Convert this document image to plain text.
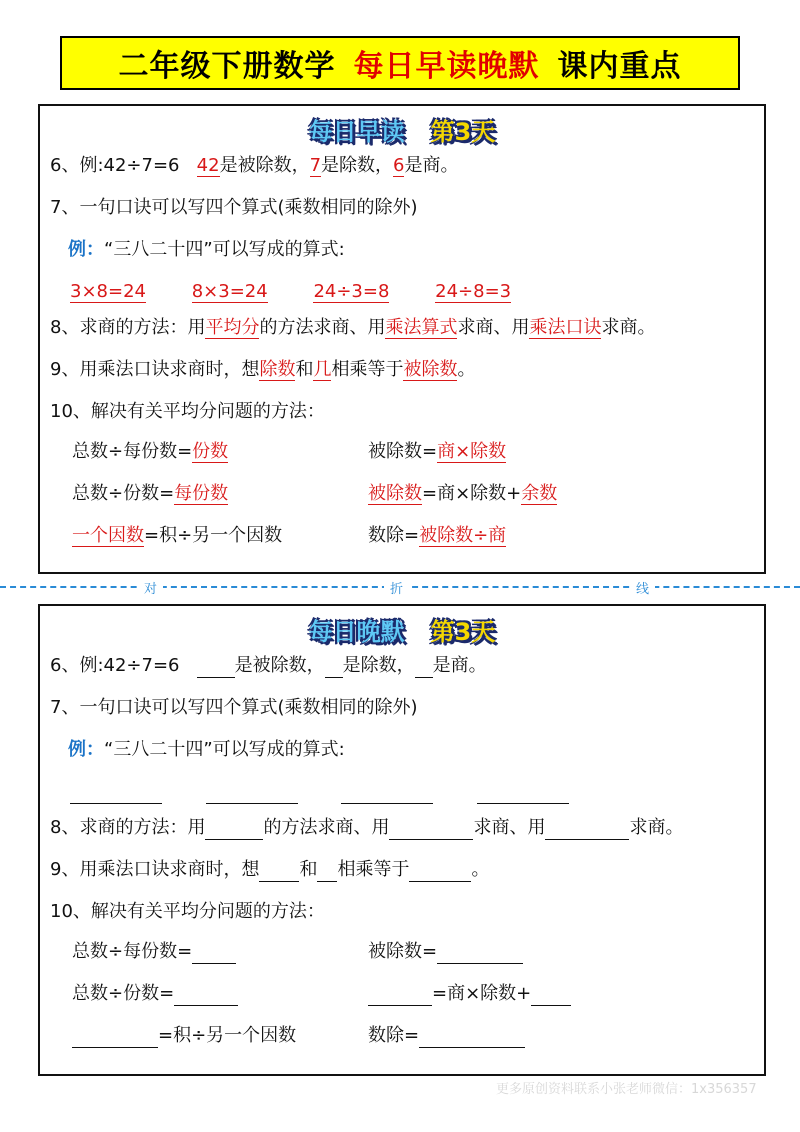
二年级下册数学 每日早读晚默 课内重点
每日早读 第3天
6、例:42÷7=6 42是被除数，7是除数，6是商。
7、一句口诀可以写四个算式(乘数相同的除外)
例：“三八二十四”可以写成的算式:
3×8=24	8×3=24	24÷3=8	24÷8=3
8、求商的方法：用平均分的方法求商、用乘法算式求商、用乘法口诀求商。
9、用乘法口诀求商时，想除数和几相乘等于被除数。
10、解决有关平均分问题的方法：
总数÷每份数=份数	被除数=商×除数
总数÷份数=每份数	被除数=商×除数+余数
一个因数=积÷另一个因数	数除=被除数÷商
对	折	线
每日晚默 第3天
6、例:42÷7=6	是被除数， 是除数， 是商。
7、一句口诀可以写四个算式(乘数相同的除外)
例：“三八二十四”可以写成的算式:

8、求商的方法：用	的方法求商、用	求商、用	求商。
9、用乘法口诀求商时，想 和 相乘等于	。
10、解决有关平均分问题的方法：
总数÷每份数=	被除数=
总数÷份数=	=商×除数+
=积÷另一个因数	数除=
更多原创资料联系小张老师微信：1x356357
